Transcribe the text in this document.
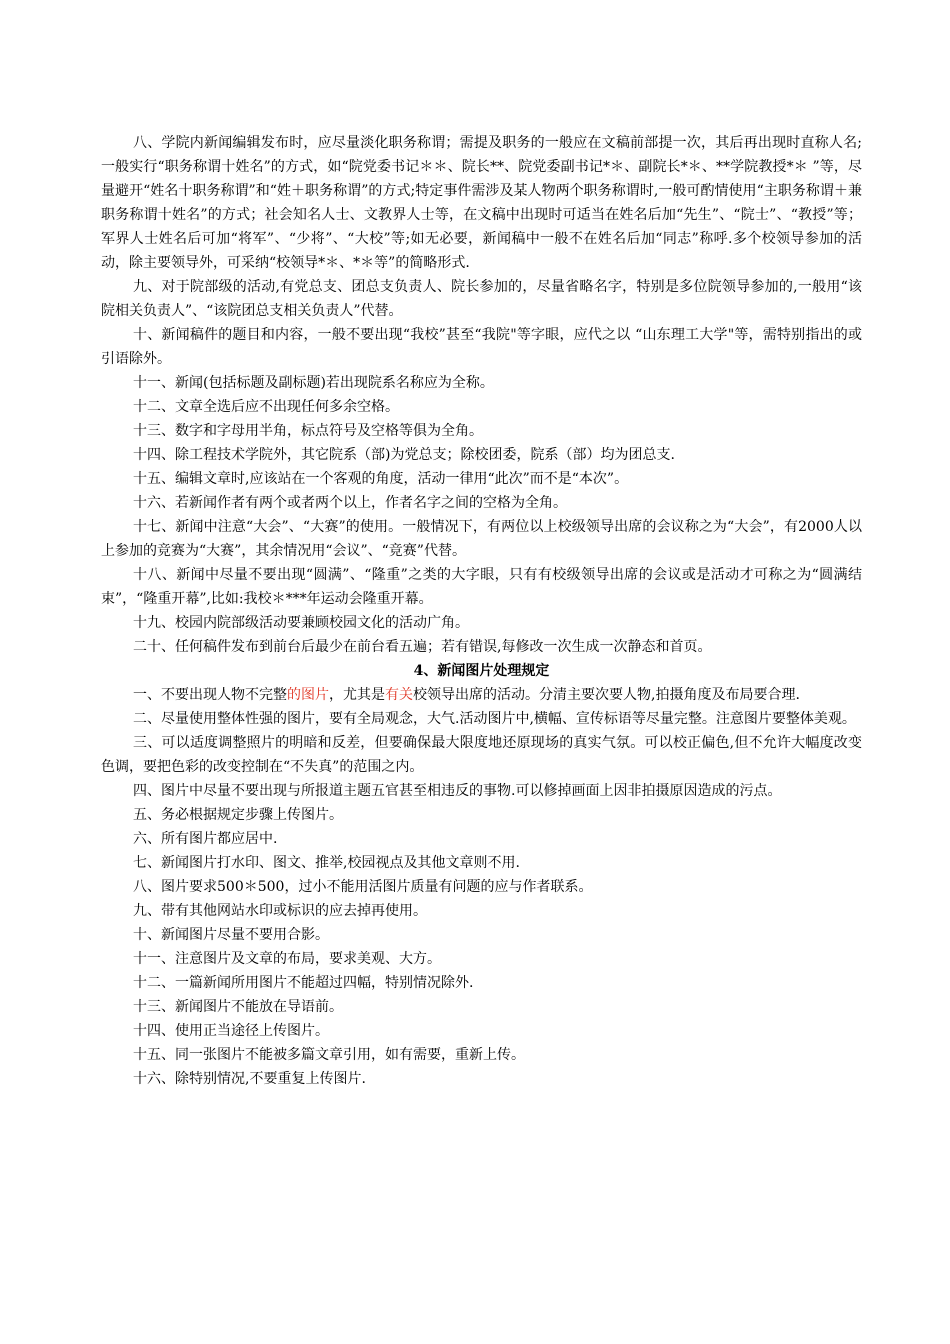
八、学院内新闻编辑发布时，应尽量淡化职务称谓；需提及职务的一般应在文稿前部提一次，其后再出现时直称人名;一般实行“职务称谓十姓名”的方式，如“院党委书记＊＊、院长**、院党委副书记*＊、副院长*＊、**学院教授*＊ ”等，尽量避开“姓名十职务称谓”和“姓＋职务称谓”的方式;特定事件需涉及某人物两个职务称谓时,一般可酌情使用“主职务称谓＋兼职务称谓十姓名”的方式；社会知名人士、文教界人士等，在文稿中出现时可适当在姓名后加“先生”、“院士”、“教授”等；军界人士姓名后可加“将军”、“少将”、“大校”等;如无必要，新闻稿中一般不在姓名后加“同志”称呼.多个校领导参加的活动，除主要领导外，可采纳“校领导*＊、*＊等”的简略形式.

九、对于院部级的活动,有党总支、团总支负责人、院长参加的，尽量省略名字，特别是多位院领导参加的,一般用“该院相关负责人”、“该院团总支相关负责人”代替。

十、新闻稿件的题目和内容，一般不要出现“我校”甚至“我院"等字眼，应代之以 “山东理工大学"等，需特别指出的或引语除外。

十一、新闻(包括标题及副标题)若出现院系名称应为全称。

十二、文章全选后应不出现任何多余空格。

十三、数字和字母用半角，标点符号及空格等俱为全角。

十四、除工程技术学院外，其它院系（部)为党总支；除校团委，院系（部）均为团总支.

十五、编辑文章时,应该站在一个客观的角度，活动一律用“此次”而不是“本次”。

十六、若新闻作者有两个或者两个以上，作者名字之间的空格为全角。

十七、新闻中注意“大会”、“大赛”的使用。一般情况下，有两位以上校级领导出席的会议称之为“大会”，有2000人以上参加的竞赛为“大赛”，其余情况用“会议”、“竞赛”代替。

十八、新闻中尽量不要出现“圆满”、“隆重”之类的大字眼，只有有校级领导出席的会议或是活动才可称之为“圆满结束”，“隆重开幕”,比如:我校＊***年运动会隆重开幕。

十九、校园内院部级活动要兼顾校园文化的活动广角。

二十、任何稿件发布到前台后最少在前台看五遍；若有错误,每修改一次生成一次静态和首页。

4、新闻图片处理规定

一、不要出现人物不完整的图片，尤其是有关校领导出席的活动。分清主要次要人物,拍摄角度及布局要合理.

二、尽量使用整体性强的图片，要有全局观念，大气.活动图片中,横幅、宣传标语等尽量完整。注意图片要整体美观。

三、可以适度调整照片的明暗和反差，但要确保最大限度地还原现场的真实气氛。可以校正偏色,但不允许大幅度改变色调，要把色彩的改变控制在“不失真”的范围之内。

四、图片中尽量不要出现与所报道主题五官甚至相违反的事物.可以修掉画面上因非拍摄原因造成的污点。

五、务必根据规定步骤上传图片。

六、所有图片都应居中.

七、新闻图片打水印、图文、推举,校园视点及其他文章则不用.

八、图片要求500＊500，过小不能用活图片质量有问题的应与作者联系。

九、带有其他网站水印或标识的应去掉再使用。

十、新闻图片尽量不要用合影。

十一、注意图片及文章的布局，要求美观、大方。

十二、一篇新闻所用图片不能超过四幅，特别情况除外.

十三、新闻图片不能放在导语前。

十四、使用正当途径上传图片。

十五、同一张图片不能被多篇文章引用，如有需要，重新上传。

十六、除特别情况,不要重复上传图片.
